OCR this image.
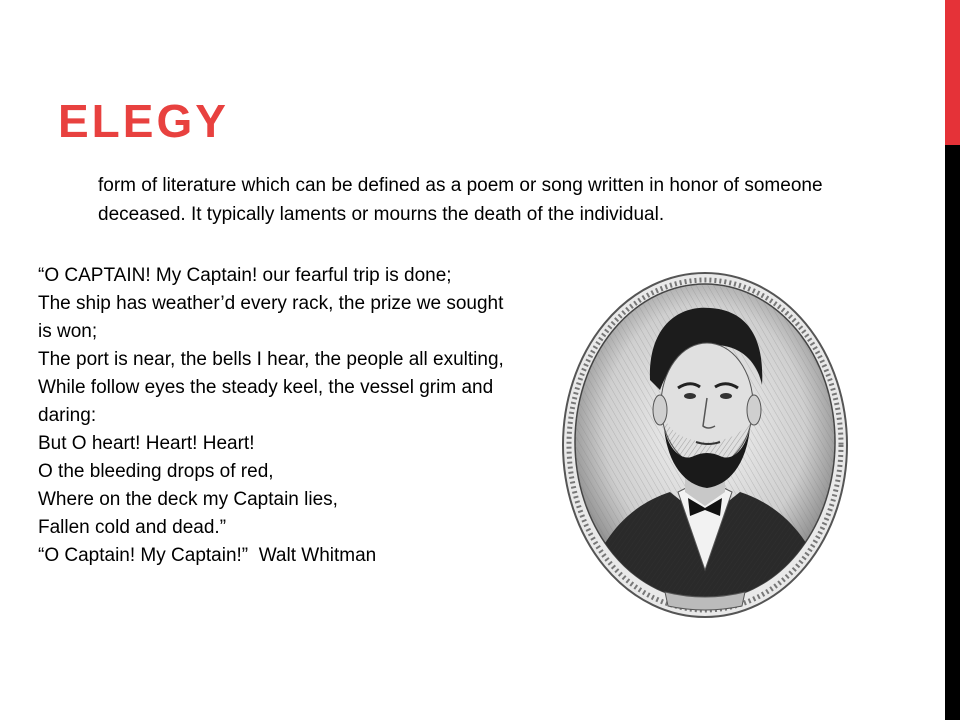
ELEGY
form of literature which can be defined as a poem or song written in honor of someone deceased. It typically laments or mourns the death of the individual.

“O CAPTAIN! My Captain! our fearful trip is done;

The ship has weather’d every rack, the prize we sought is won;

The port is near, the bells I hear, the people all exulting,

While follow eyes the steady keel, the vessel grim and daring:

But O heart! Heart! Heart!

O the bleeding drops of red,

Where on the deck my Captain lies,

Fallen cold and dead.”

“O Captain! My Captain!”  Walt Whitman
